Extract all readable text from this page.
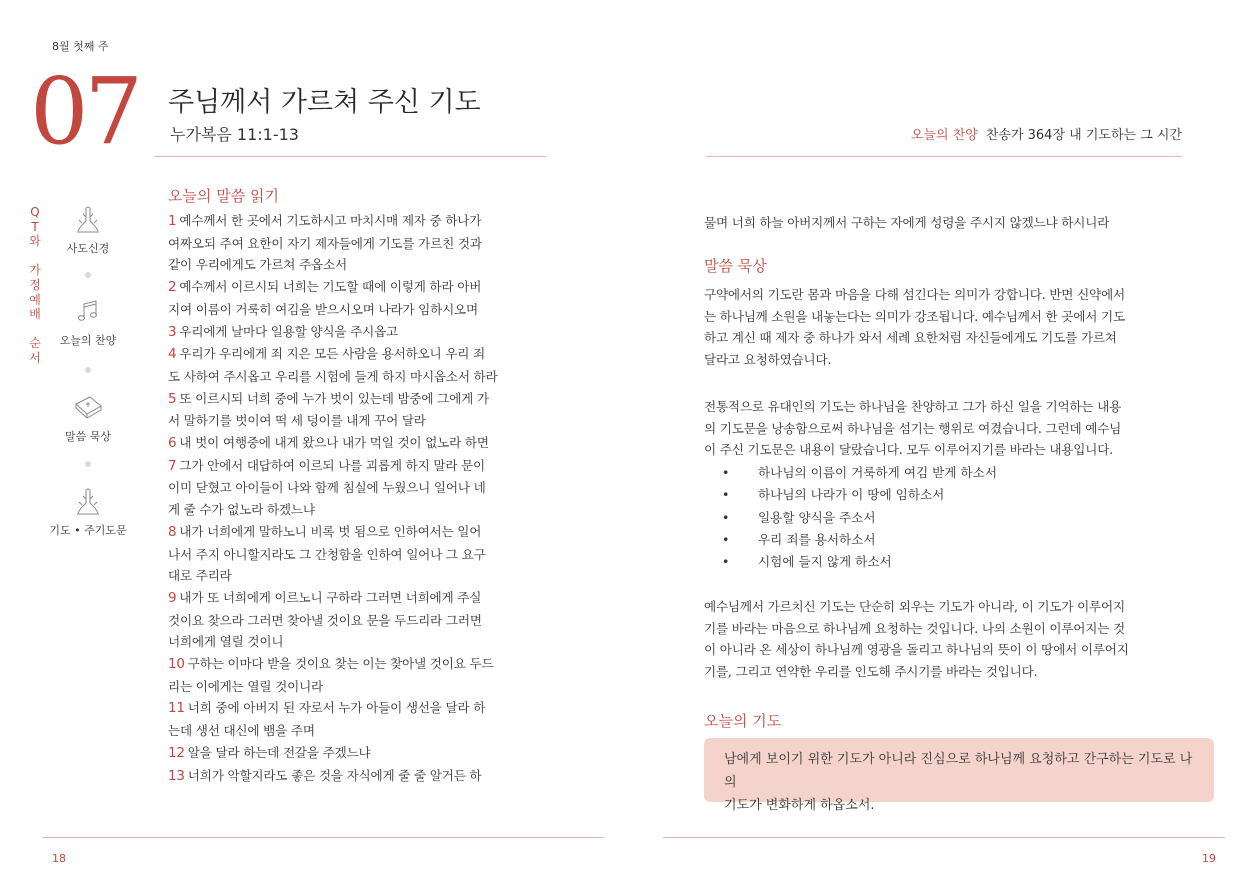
8월 첫째 주
07 주님께서 가르쳐 주신 기도
누가복음 11:1-13
Q
T
와
가
정
예
배
순
서
사도신경
오늘의 찬양
말씀 묵상
기도 • 주기도문
오늘의 말씀 읽기
1 예수께서 한 곳에서 기도하시고 마치시매 제자 중 하나가
여짜오되 주여 요한이 자기 제자들에게 기도를 가르친 것과
같이 우리에게도 가르쳐 주옵소서
2 예수께서 이르시되 너희는 기도할 때에 이렇게 하라 아버
지여 이름이 거룩히 여김을 받으시오며 나라가 임하시오며
3 우리에게 날마다 일용할 양식을 주시옵고
4 우리가 우리에게 죄 지은 모든 사람을 용서하오니 우리 죄
도 사하여 주시옵고 우리를 시험에 들게 하지 마시옵소서 하라
5 또 이르시되 너희 중에 누가 벗이 있는데 밤중에 그에게 가
서 말하기를 벗이여 떡 세 덩이를 내게 꾸어 달라
6 내 벗이 여행중에 내게 왔으나 내가 먹일 것이 없노라 하면
7 그가 안에서 대답하여 이르되 나를 괴롭게 하지 말라 문이
이미 닫혔고 아이들이 나와 함께 침실에 누웠으니 일어나 네
게 줄 수가 없노라 하겠느냐
8 내가 너희에게 말하노니 비록 벗 됨으로 인하여서는 일어
나서 주지 아니할지라도 그 간청함을 인하여 일어나 그 요구
대로 주리라
9 내가 또 너희에게 이르노니 구하라 그러면 너희에게 주실
것이요 찾으라 그러면 찾아낼 것이요 문을 두드리라 그러면
너희에게 열릴 것이니
10 구하는 이마다 받을 것이요 찾는 이는 찾아낼 것이요 두드
리는 이에게는 열릴 것이니라
11 너희 중에 아버지 된 자로서 누가 아들이 생선을 달라 하
는데 생선 대신에 뱀을 주며
12 알을 달라 하는데 전갈을 주겠느냐
13 너희가 악할지라도 좋은 것을 자식에게 줄 줄 알거든 하
18
오늘의 찬양 찬송가 364장 내 기도하는 그 시간
물며 너희 하늘 아버지께서 구하는 자에게 성령을 주시지 않겠느냐 하시니라
말씀 묵상
구약에서의 기도란 몸과 마음을 다해 섬긴다는 의미가 강합니다. 반면 신약에서
는 하나님께 소원을 내놓는다는 의미가 강조됩니다. 예수님께서 한 곳에서 기도
하고 계신 때 제자 중 하나가 와서 세례 요한처럼 자신들에게도 기도를 가르쳐
달라고 요청하였습니다.
전통적으로 유대인의 기도는 하나님을 찬양하고 그가 하신 일을 기억하는 내용
의 기도문을 낭송함으로써 하나님을 섬기는 행위로 여겼습니다. 그런데 예수님
이 주신 기도문은 내용이 달랐습니다. 모두 이루어지기를 바라는 내용입니다.
• 하나님의 이름이 거룩하게 여김 받게 하소서
• 하나님의 나라가 이 땅에 임하소서
• 일용할 양식을 주소서
• 우리 죄를 용서하소서
• 시험에 들지 않게 하소서
예수님께서 가르치신 기도는 단순히 외우는 기도가 아니라, 이 기도가 이루어지
기를 바라는 마음으로 하나님께 요청하는 것입니다. 나의 소원이 이루어지는 것
이 아니라 온 세상이 하나님께 영광을 돌리고 하나님의 뜻이 이 땅에서 이루어지
기를, 그리고 연약한 우리를 인도해 주시기를 바라는 것입니다.
오늘의 기도
남에게 보이기 위한 기도가 아니라 진심으로 하나님께 요청하고 간구하는 기도로 나의
기도가 변화하게 하옵소서.
19
